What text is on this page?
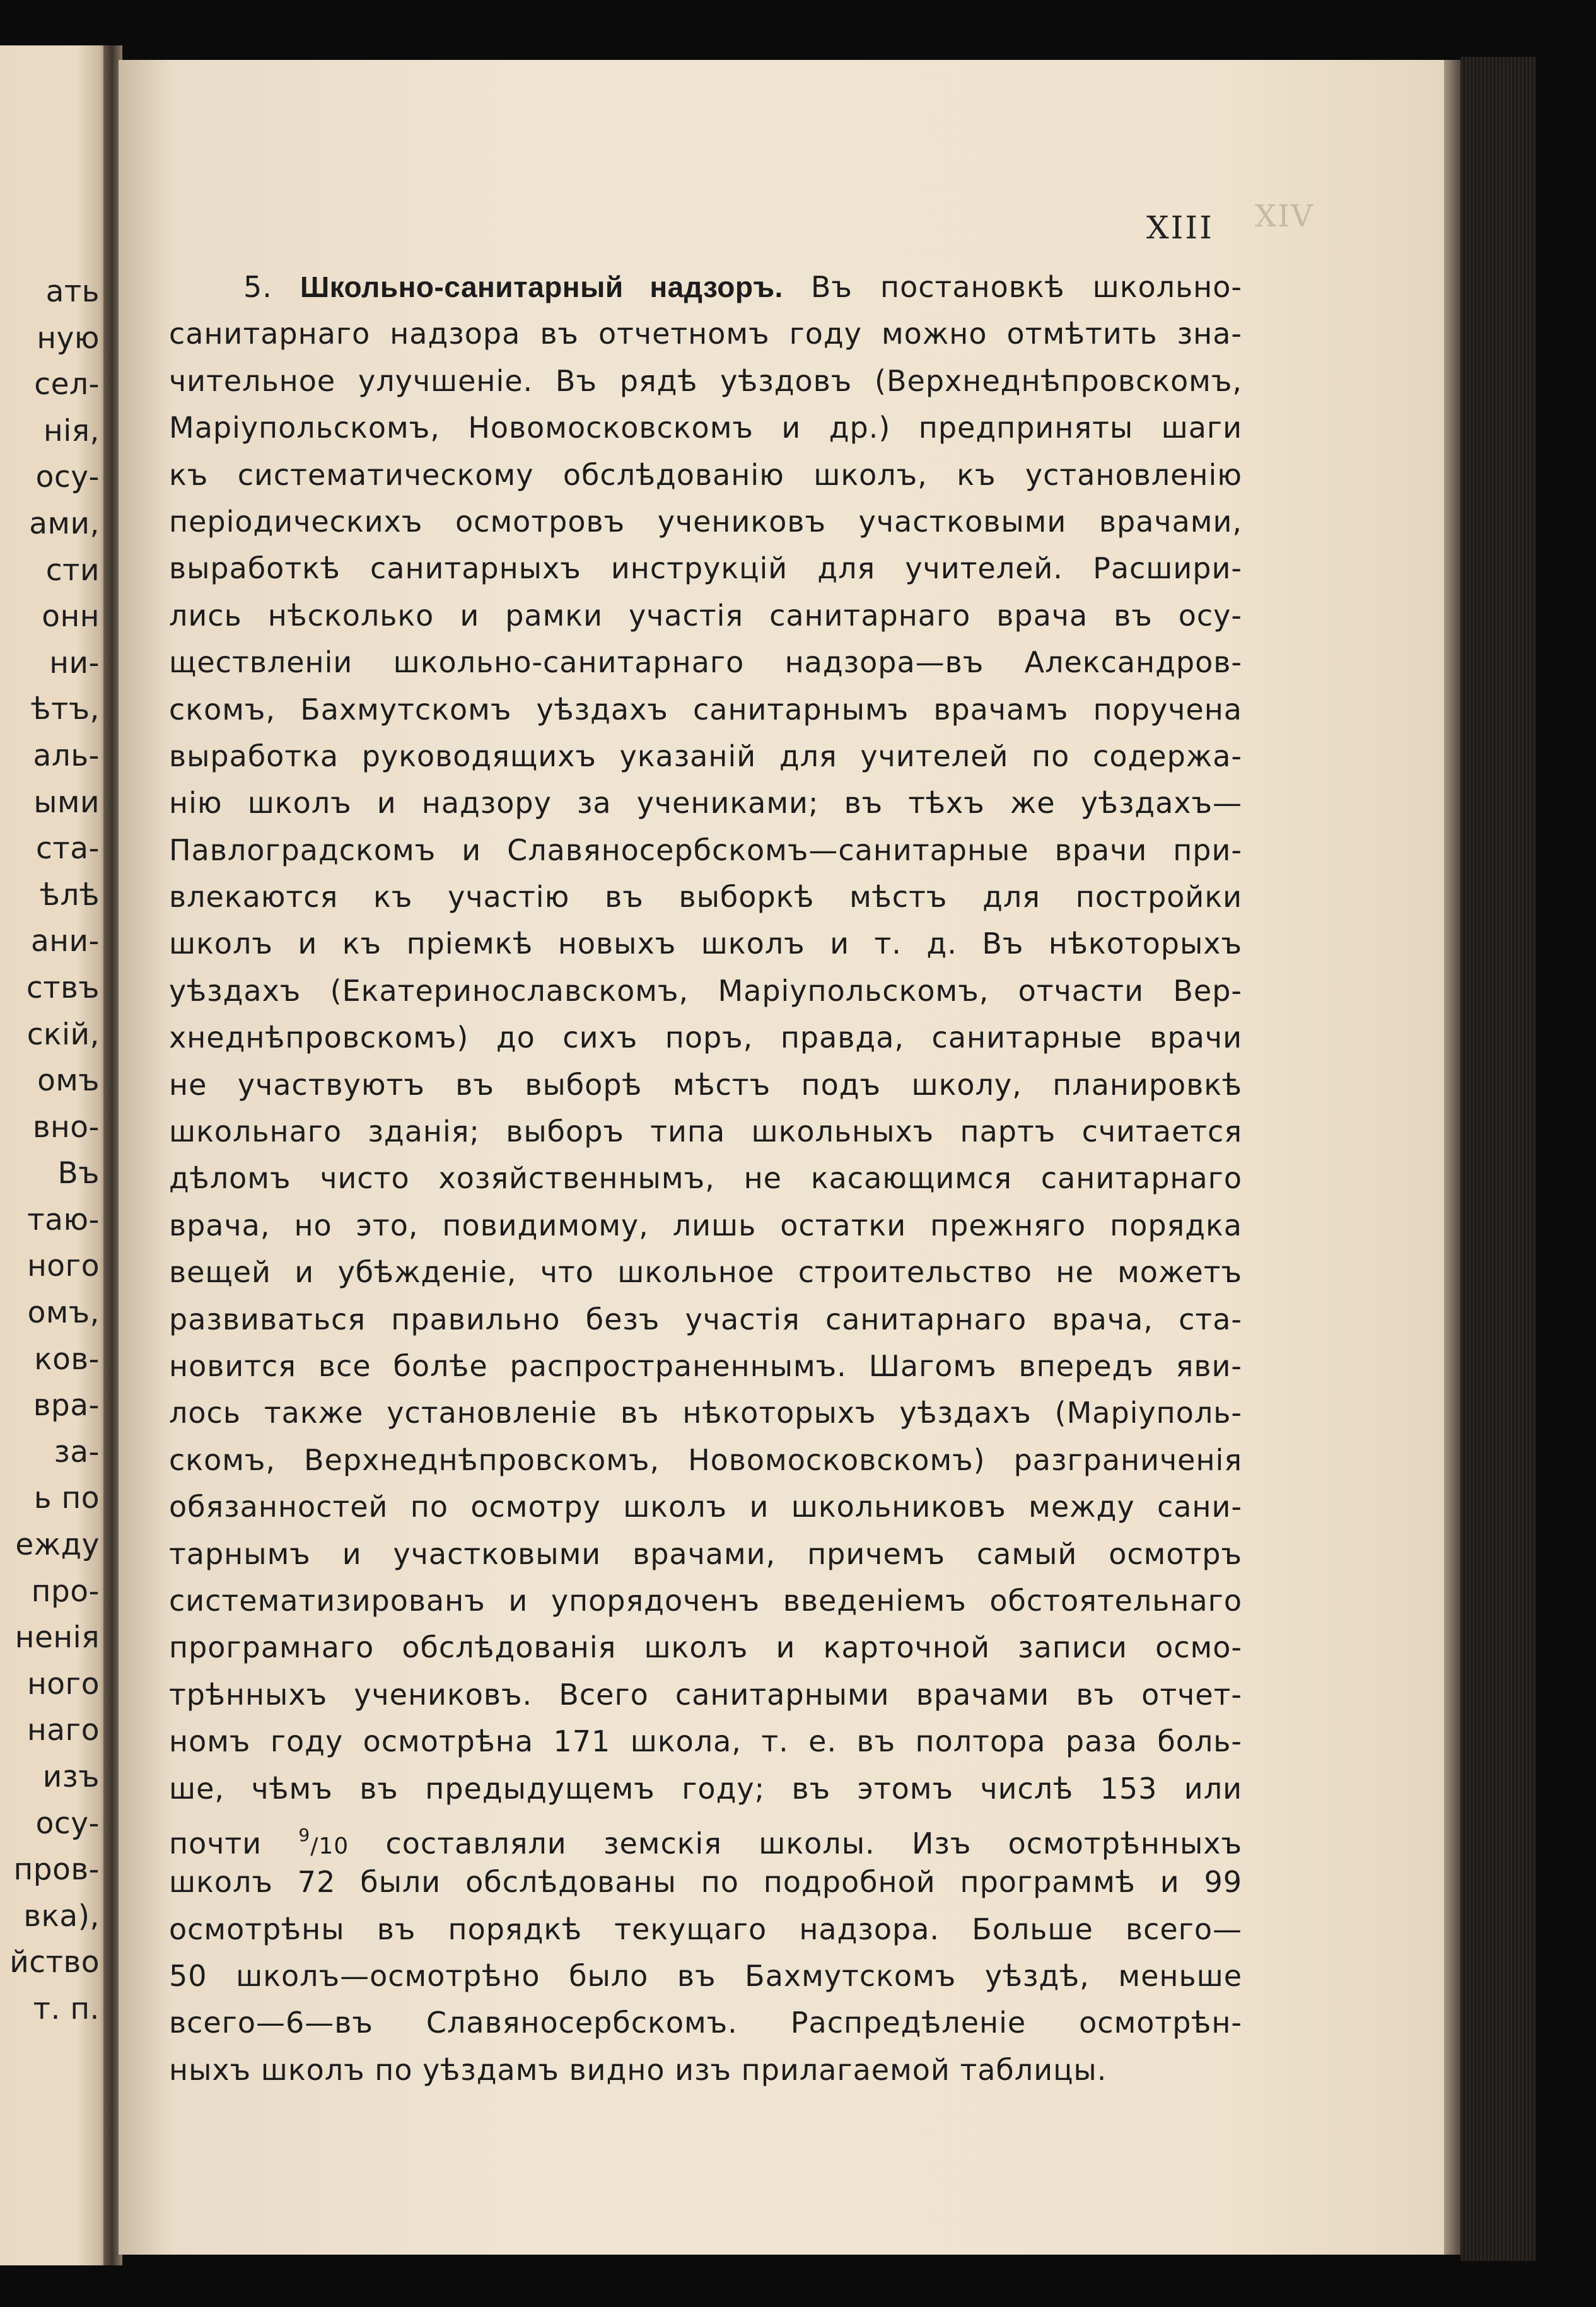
ать
ную
сел-
нія,
осу-
ами,
сти
онн
ни-
ѣтъ,
аль-
ыми
ста-
ѣлѣ
ани-
ствъ
скій,
омъ
вно-
Въ
таю-
ного
омъ,
ков-
вра-
за-
ь по
ежду
про-
ненія
ного
наго
изъ
осу-
пров-
вка),
йство
т. п.
XIV
XIII
5. Школьно-санитарный надзоръ. Въ постановкѣ школьно-
санитарнаго надзора въ отчетномъ году можно отмѣтить зна-
чительное улучшеніе. Въ рядѣ уѣздовъ (Верхнеднѣпровскомъ,
Маріупольскомъ, Новомосковскомъ и др.) предприняты шаги
къ систематическому обслѣдованію школъ, къ установленію
періодическихъ осмотровъ учениковъ участковыми врачами,
выработкѣ санитарныхъ инструкцій для учителей. Расшири-
лись нѣсколько и рамки участія санитарнаго врача въ осу-
ществленіи школьно-санитарнаго надзора—въ Александров-
скомъ, Бахмутскомъ уѣздахъ санитарнымъ врачамъ поручена
выработка руководящихъ указаній для учителей по содержа-
нію школъ и надзору за учениками; въ тѣхъ же уѣздахъ—
Павлоградскомъ и Славяносербскомъ—санитарные врачи при-
влекаются къ участію въ выборкѣ мѣстъ для постройки
школъ и къ пріемкѣ новыхъ школъ и т. д. Въ нѣкоторыхъ
уѣздахъ (Екатеринославскомъ, Маріупольскомъ, отчасти Вер-
хнеднѣпровскомъ) до сихъ поръ, правда, санитарные врачи
не участвуютъ въ выборѣ мѣстъ подъ школу, планировкѣ
школьнаго зданія; выборъ типа школьныхъ партъ считается
дѣломъ чисто хозяйственнымъ, не касающимся санитарнаго
врача, но это, повидимому, лишь остатки прежняго порядка
вещей и убѣжденіе, что школьное строительство не можетъ
развиваться правильно безъ участія санитарнаго врача, ста-
новится все болѣе распространеннымъ. Шагомъ впередъ яви-
лось также установленіе въ нѣкоторыхъ уѣздахъ (Маріуполь-
скомъ, Верхнеднѣпровскомъ, Новомосковскомъ) разграниченія
обязанностей по осмотру школъ и школьниковъ между сани-
тарнымъ и участковыми врачами, причемъ самый осмотръ
систематизированъ и упорядоченъ введеніемъ обстоятельнаго
програмнаго обслѣдованія школъ и карточной записи осмо-
трѣнныхъ учениковъ. Всего санитарными врачами въ отчет-
номъ году осмотрѣна 171 школа, т. е. въ полтора раза боль-
ше, чѣмъ въ предыдущемъ году; въ этомъ числѣ 153 или
почти $^9$/10 составляли земскія школы. Изъ осмотрѣнныхъ
школъ 72 были обслѣдованы по подробной программѣ и 99
осмотрѣны въ порядкѣ текущаго надзора. Больше всего—
50 школъ—осмотрѣно было въ Бахмутскомъ уѣздѣ, меньше
всего—6—въ Славяносербскомъ. Распредѣленіе осмотрѣн-
ныхъ школъ по уѣздамъ видно изъ прилагаемой таблицы.
